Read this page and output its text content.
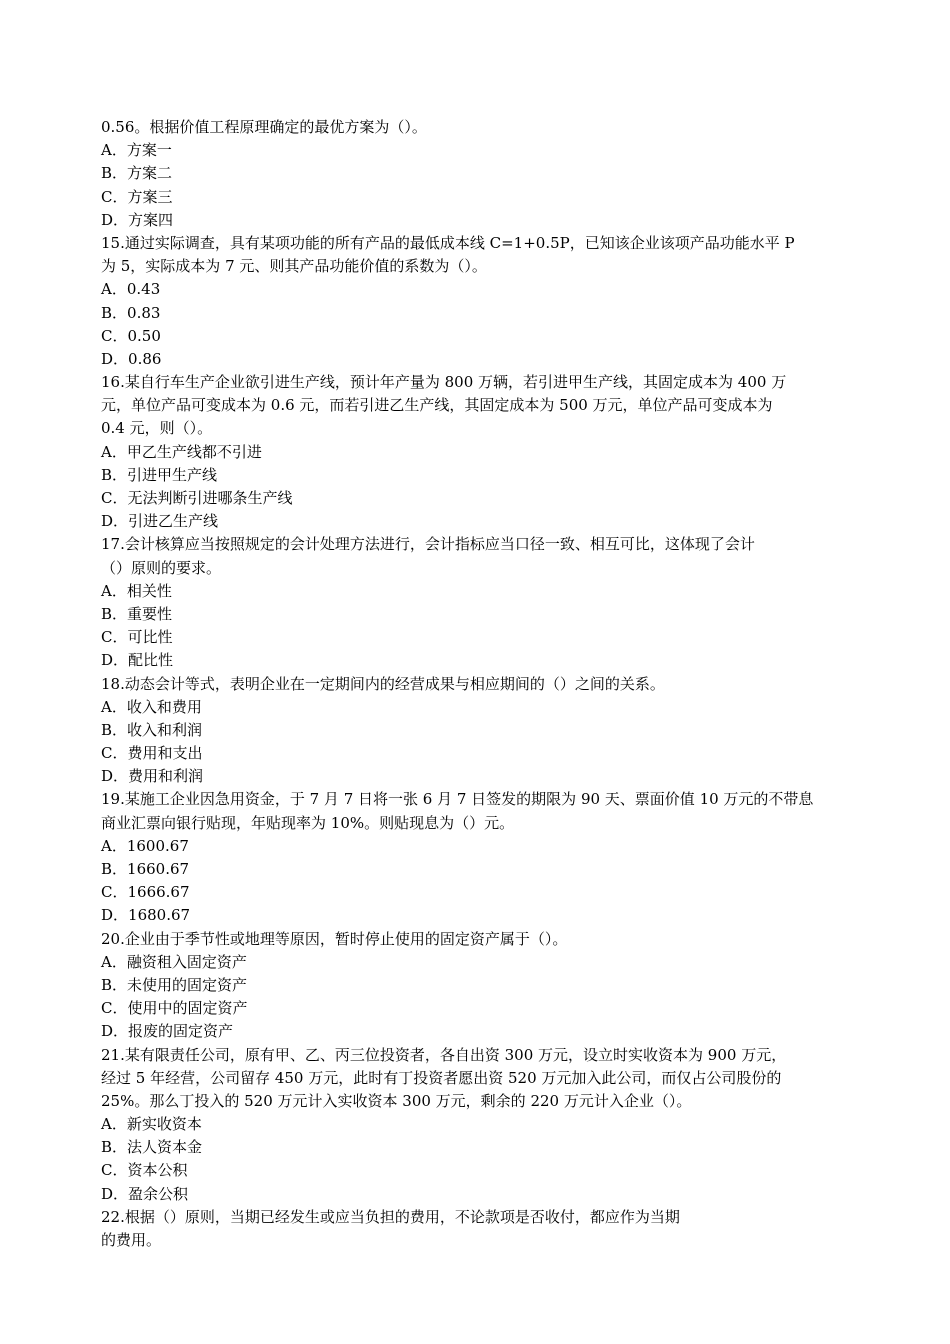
0.56。根据价值工程原理确定的最优方案为（）。
A．方案一
B．方案二
C．方案三
D．方案四
15.通过实际调查，具有某项功能的所有产品的最低成本线 C=1+0.5P，已知该企业该项产品功能水平 P
为 5，实际成本为 7 元、则其产品功能价值的系数为（）。
A．0.43
B．0.83
C．0.50
D．0.86
16.某自行车生产企业欲引进生产线，预计年产量为 800 万辆，若引进甲生产线，其固定成本为 400 万
元，单位产品可变成本为 0.6 元，而若引进乙生产线，其固定成本为 500 万元，单位产品可变成本为
0.4 元，则（）。
A．甲乙生产线都不引进
B．引进甲生产线
C．无法判断引进哪条生产线
D．引进乙生产线
17.会计核算应当按照规定的会计处理方法进行，会计指标应当口径一致、相互可比，这体现了会计
（）原则的要求。
A．相关性
B．重要性
C．可比性
D．配比性
18.动态会计等式，表明企业在一定期间内的经营成果与相应期间的（）之间的关系。
A．收入和费用
B．收入和利润
C．费用和支出
D．费用和利润
19.某施工企业因急用资金，于 7 月 7 日将一张 6 月 7 日签发的期限为 90 天、票面价值 10 万元的不带息
商业汇票向银行贴现，年贴现率为 10%。则贴现息为（）元。
A．1600.67
B．1660.67
C．1666.67
D．1680.67
20.企业由于季节性或地理等原因，暂时停止使用的固定资产属于（）。
A．融资租入固定资产
B．未使用的固定资产
C．使用中的固定资产
D．报废的固定资产
21.某有限责任公司，原有甲、乙、丙三位投资者，各自出资 300 万元，设立时实收资本为 900 万元，
经过 5 年经营，公司留存 450 万元，此时有丁投资者愿出资 520 万元加入此公司，而仅占公司股份的
25%。那么丁投入的 520 万元计入实收资本 300 万元，剩余的 220 万元计入企业（）。
A．新实收资本
B．法人资本金
C．资本公积
D．盈余公积
22.根据（）原则，当期已经发生或应当负担的费用，不论款项是否收付，都应作为当期
的费用。
